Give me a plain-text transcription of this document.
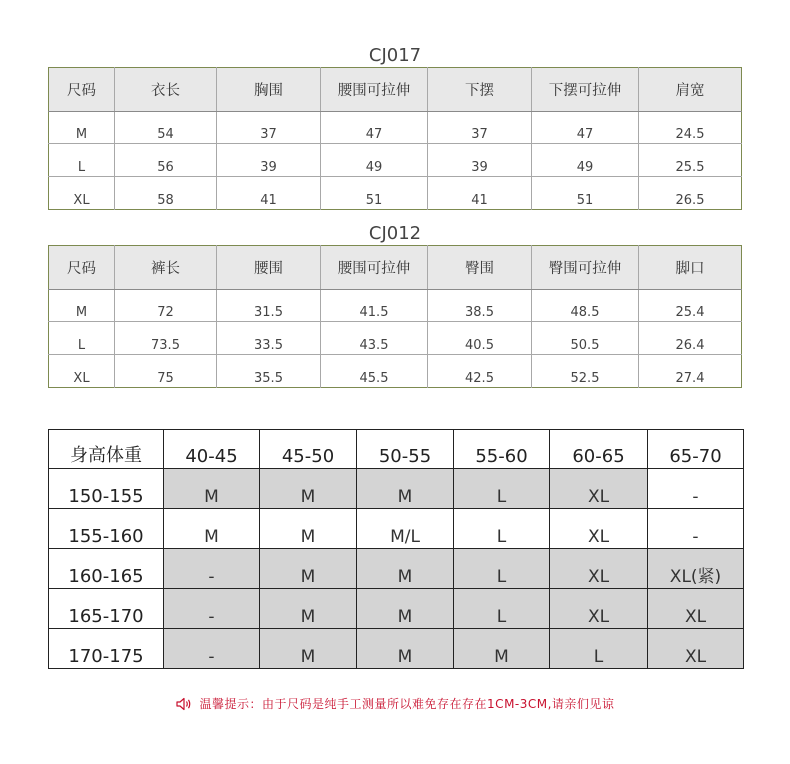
CJ017
尺码	衣长	胸围	腰围可拉伸	下摆	下摆可拉伸	肩宽
M	54	37	47	37	47	24.5
L	56	39	49	39	49	25.5
XL	58	41	51	41	51	26.5
CJ012
尺码	裤长	腰围	腰围可拉伸	臀围	臀围可拉伸	脚口
M	72	31.5	41.5	38.5	48.5	25.4
L	73.5	33.5	43.5	40.5	50.5	26.4
XL	75	35.5	45.5	42.5	52.5	27.4
身高体重	40-45	45-50	50-55	55-60	60-65	65-70
150-155	M	M	M	L	XL	-
155-160	M	M	M/L	L	XL	-
160-165	-	M	M	L	XL	XL(紧)
165-170	-	M	M	L	XL	XL
170-175	-	M	M	M	L	XL
温馨提示：由于尺码是纯手工测量所以难免存在存在1CM-3CM,请亲们见谅
